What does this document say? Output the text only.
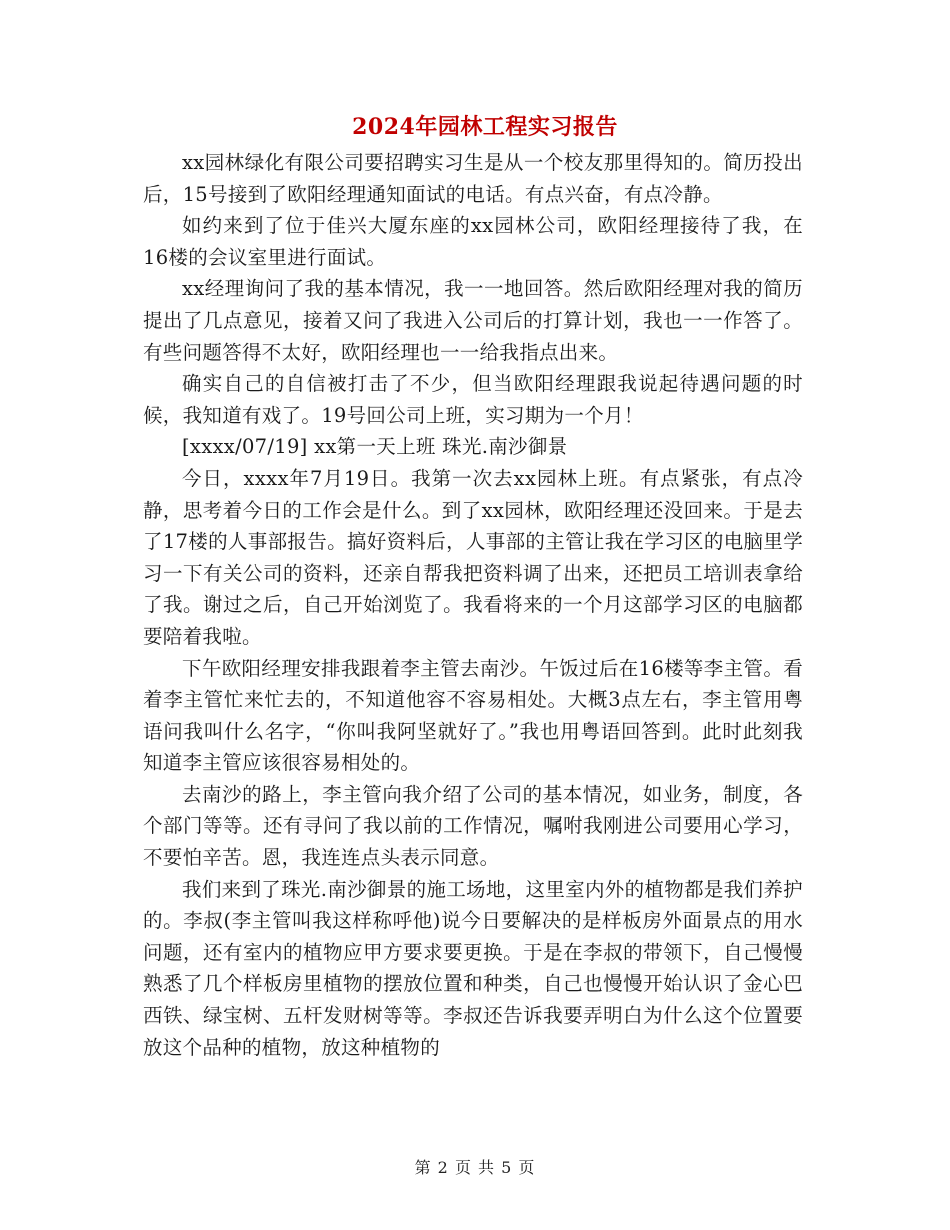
2024年园林工程实习报告

xx园林绿化有限公司要招聘实习生是从一个校友那里得知的。简历投出后，15号接到了欧阳经理通知面试的电话。有点兴奋，有点冷静。

如约来到了位于佳兴大厦东座的xx园林公司，欧阳经理接待了我，在16楼的会议室里进行面试。

xx经理询问了我的基本情况，我一一地回答。然后欧阳经理对我的简历提出了几点意见，接着又问了我进入公司后的打算计划，我也一一作答了。有些问题答得不太好，欧阳经理也一一给我指点出来。

确实自己的自信被打击了不少，但当欧阳经理跟我说起待遇问题的时候，我知道有戏了。19号回公司上班，实习期为一个月！

[xxxx/07/19] xx第一天上班 珠光.南沙御景

今日，xxxx年7月19日。我第一次去xx园林上班。有点紧张，有点冷静，思考着今日的工作会是什么。到了xx园林，欧阳经理还没回来。于是去了17楼的人事部报告。搞好资料后，人事部的主管让我在学习区的电脑里学习一下有关公司的资料，还亲自帮我把资料调了出来，还把员工培训表拿给了我。谢过之后，自己开始浏览了。我看将来的一个月这部学习区的电脑都要陪着我啦。

下午欧阳经理安排我跟着李主管去南沙。午饭过后在16楼等李主管。看着李主管忙来忙去的，不知道他容不容易相处。大概3点左右，李主管用粤语问我叫什么名字，“你叫我阿坚就好了。”我也用粤语回答到。此时此刻我知道李主管应该很容易相处的。

去南沙的路上，李主管向我介绍了公司的基本情况，如业务，制度，各个部门等等。还有寻问了我以前的工作情况，嘱咐我刚进公司要用心学习，不要怕辛苦。恩，我连连点头表示同意。

我们来到了珠光.南沙御景的施工场地，这里室内外的植物都是我们养护的。李叔(李主管叫我这样称呼他)说今日要解决的是样板房外面景点的用水问题，还有室内的植物应甲方要求要更换。于是在李叔的带领下，自己慢慢熟悉了几个样板房里植物的摆放位置和种类，自己也慢慢开始认识了金心巴西铁、绿宝树、五杆发财树等等。李叔还告诉我要弄明白为什么这个位置要放这个品种的植物，放这种植物的

第 2 页 共 5 页
